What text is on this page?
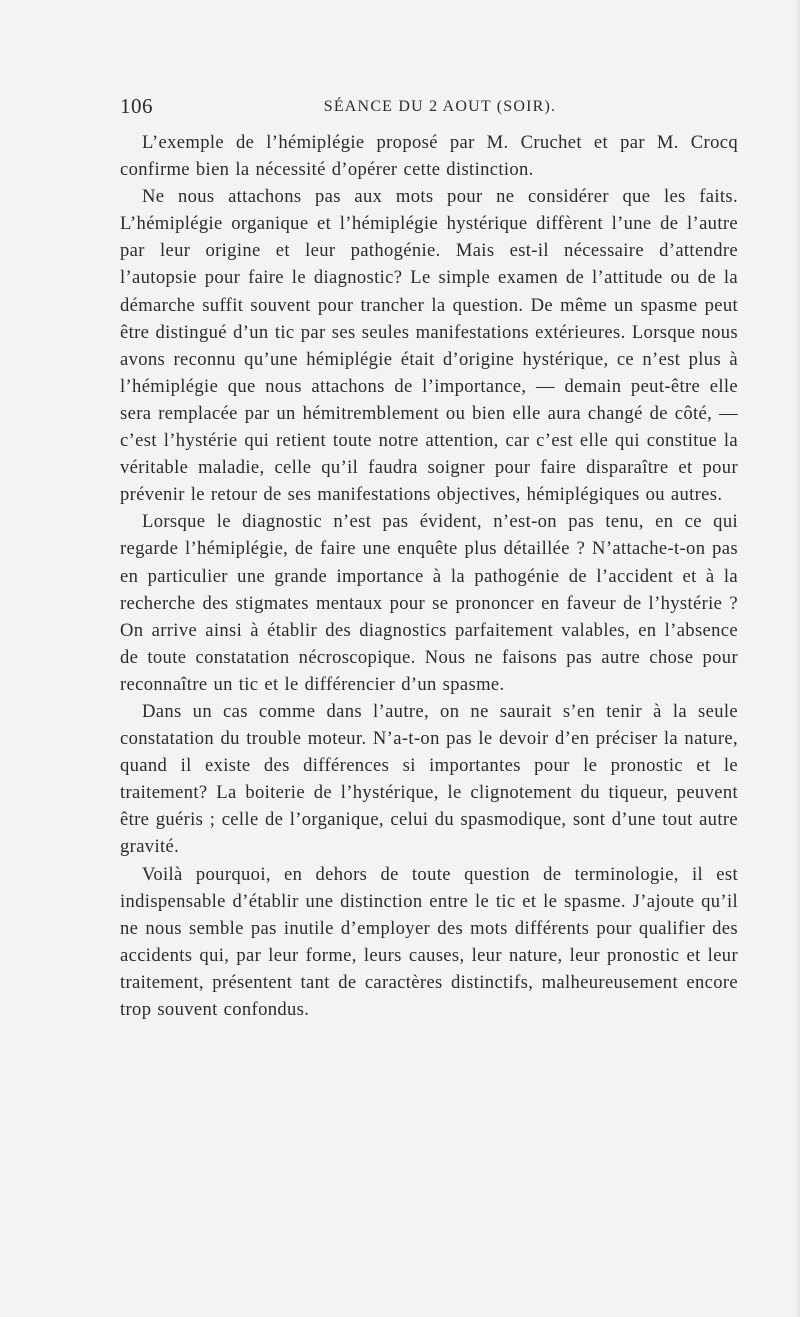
106	SÉANCE DU 2 AOUT (SOIR).

L’exemple de l’hémiplégie proposé par M. Cruchet et par M. Crocq confirme bien la nécessité d’opérer cette distinction.

Ne nous attachons pas aux mots pour ne considérer que les faits. L’hémiplégie organique et l’hémiplégie hystérique diffèrent l’une de l’autre par leur origine et leur pathogénie. Mais est-il nécessaire d’attendre l’autopsie pour faire le diagnostic? Le simple examen de l’attitude ou de la démarche suffit souvent pour trancher la question. De même un spasme peut être distingué d’un tic par ses seules manifestations extérieures. Lorsque nous avons reconnu qu’une hémiplégie était d’origine hystérique, ce n’est plus à l’hémiplégie que nous attachons de l’importance, — demain peut-être elle sera remplacée par un hémitremblement ou bien elle aura changé de côté, — c’est l’hystérie qui retient toute notre attention, car c’est elle qui constitue la véritable maladie, celle qu’il faudra soigner pour faire disparaître et pour prévenir le retour de ses manifestations objectives, hémiplégiques ou autres.

Lorsque le diagnostic n’est pas évident, n’est-on pas tenu, en ce qui regarde l’hémiplégie, de faire une enquête plus détaillée ? N’attache-t-on pas en particulier une grande importance à la pathogénie de l’accident et à la recherche des stigmates mentaux pour se prononcer en faveur de l’hystérie ? On arrive ainsi à établir des diagnostics parfaitement valables, en l’absence de toute constatation nécroscopique. Nous ne faisons pas autre chose pour reconnaître un tic et le différencier d’un spasme.

Dans un cas comme dans l’autre, on ne saurait s’en tenir à la seule constatation du trouble moteur. N’a-t-on pas le devoir d’en préciser la nature, quand il existe des différences si importantes pour le pronostic et le traitement? La boiterie de l’hystérique, le clignotement du tiqueur, peuvent être guéris ; celle de l’organique, celui du spasmodique, sont d’une tout autre gravité.

Voilà pourquoi, en dehors de toute question de terminologie, il est indispensable d’établir une distinction entre le tic et le spasme. J’ajoute qu’il ne nous semble pas inutile d’employer des mots différents pour qualifier des accidents qui, par leur forme, leurs causes, leur nature, leur pronostic et leur traitement, présentent tant de caractères distinctifs, malheureusement encore trop souvent confondus.
